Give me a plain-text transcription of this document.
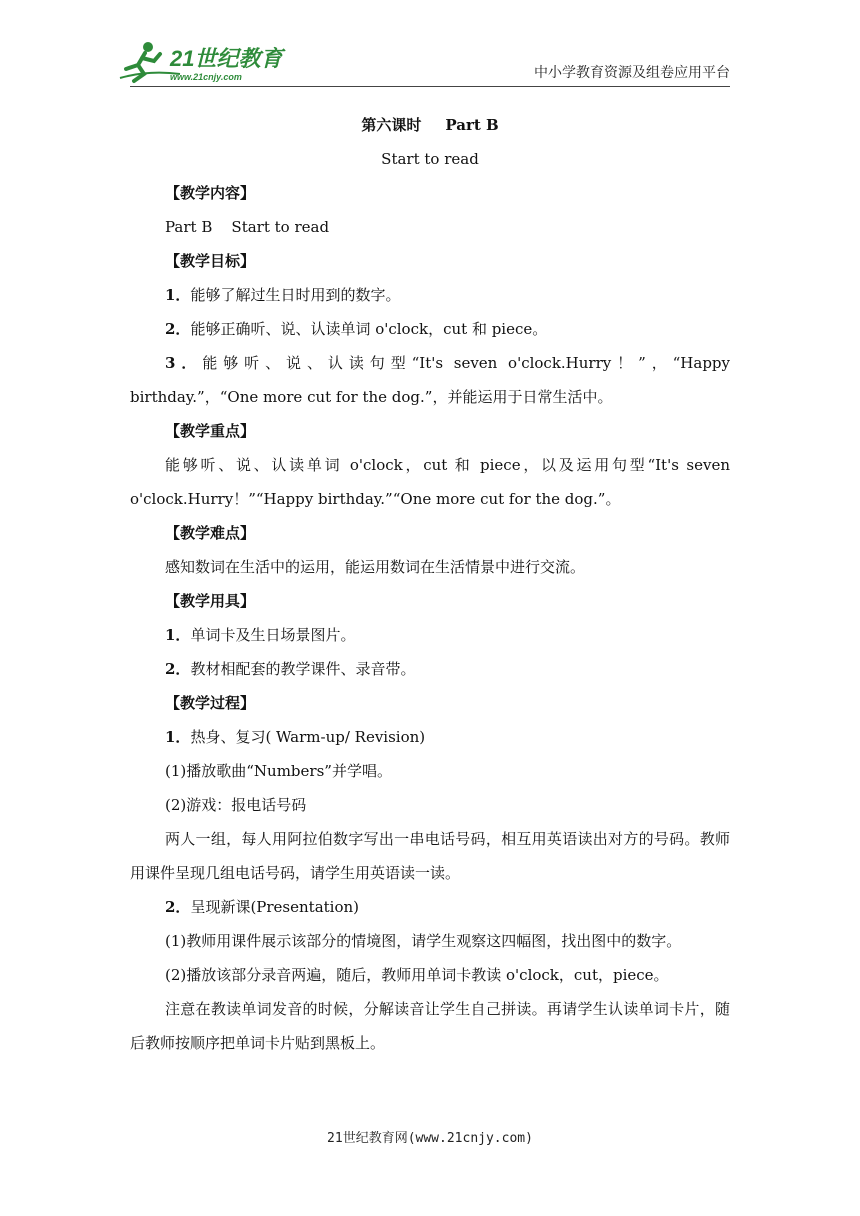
21世纪教育
www.21cnjy.com	中小学教育资源及组卷应用平台

第六课时 Part B

Start to read

【教学内容】

Part B    Start to read

【教学目标】

1．能够了解过生日时用到的数字。

2．能够正确听、说、认读单词 o'clock，cut 和 piece。

3．能够听、说、认读句型“It's seven o'clock.Hurry！”，“Happy birthday.”，“One more cut for the dog.”，并能运用于日常生活中。

【教学重点】

能够听、说、认读单词 o'clock，cut 和 piece，以及运用句型“It's seven o'clock.Hurry！”“Happy birthday.”“One more cut for the dog.”。

【教学难点】

感知数词在生活中的运用，能运用数词在生活情景中进行交流。

【教学用具】

1．单词卡及生日场景图片。

2．教材相配套的教学课件、录音带。

【教学过程】

1．热身、复习( Warm-up/ Revision)

(1)播放歌曲“Numbers”并学唱。

(2)游戏：报电话号码

两人一组，每人用阿拉伯数字写出一串电话号码，相互用英语读出对方的号码。教师用课件呈现几组电话号码，请学生用英语读一读。

2．呈现新课(Presentation)

(1)教师用课件展示该部分的情境图，请学生观察这四幅图，找出图中的数字。

(2)播放该部分录音两遍，随后，教师用单词卡教读 o'clock，cut，piece。

注意在教读单词发音的时候，分解读音让学生自己拼读。再请学生认读单词卡片，随后教师按顺序把单词卡片贴到黑板上。

21世纪教育网(www.21cnjy.com)
